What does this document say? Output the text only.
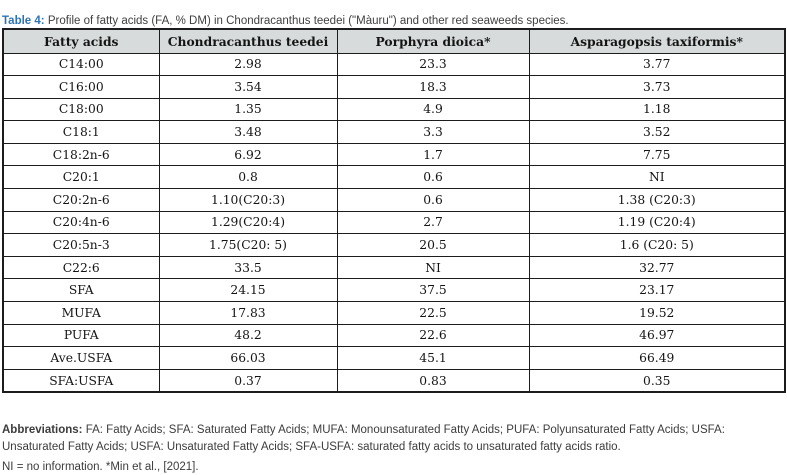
Table 4: Profile of fatty acids (FA, % DM) in Chondracanthus teedei ("Màuru") and other red seaweeds species.

Fatty acids	Chondracanthus teedei	Porphyra dioica*	Asparagopsis taxiformis*
C14:00	2.98	23.3	3.77
C16:00	3.54	18.3	3.73
C18:00	1.35	4.9	1.18
C18:1	3.48	3.3	3.52
C18:2n-6	6.92	1.7	7.75
C20:1	0.8	0.6	NI
C20:2n-6	1.10(C20:3)	0.6	1.38 (C20:3)
C20:4n-6	1.29(C20:4)	2.7	1.19 (C20:4)
C20:5n-3	1.75(C20: 5)	20.5	1.6 (C20: 5)
C22:6	33.5	NI	32.77
SFA	24.15	37.5	23.17
MUFA	17.83	22.5	19.52
PUFA	48.2	22.6	46.97
Ave.USFA	66.03	45.1	66.49
SFA:USFA	0.37	0.83	0.35

Abbreviations: FA: Fatty Acids; SFA: Saturated Fatty Acids; MUFA: Monounsaturated Fatty Acids; PUFA: Polyunsaturated Fatty Acids; USFA: Unsaturated Fatty Acids; USFA: Unsaturated Fatty Acids; SFA-USFA: saturated fatty acids to unsaturated fatty acids ratio.

NI = no information. *Min et al., [2021].
